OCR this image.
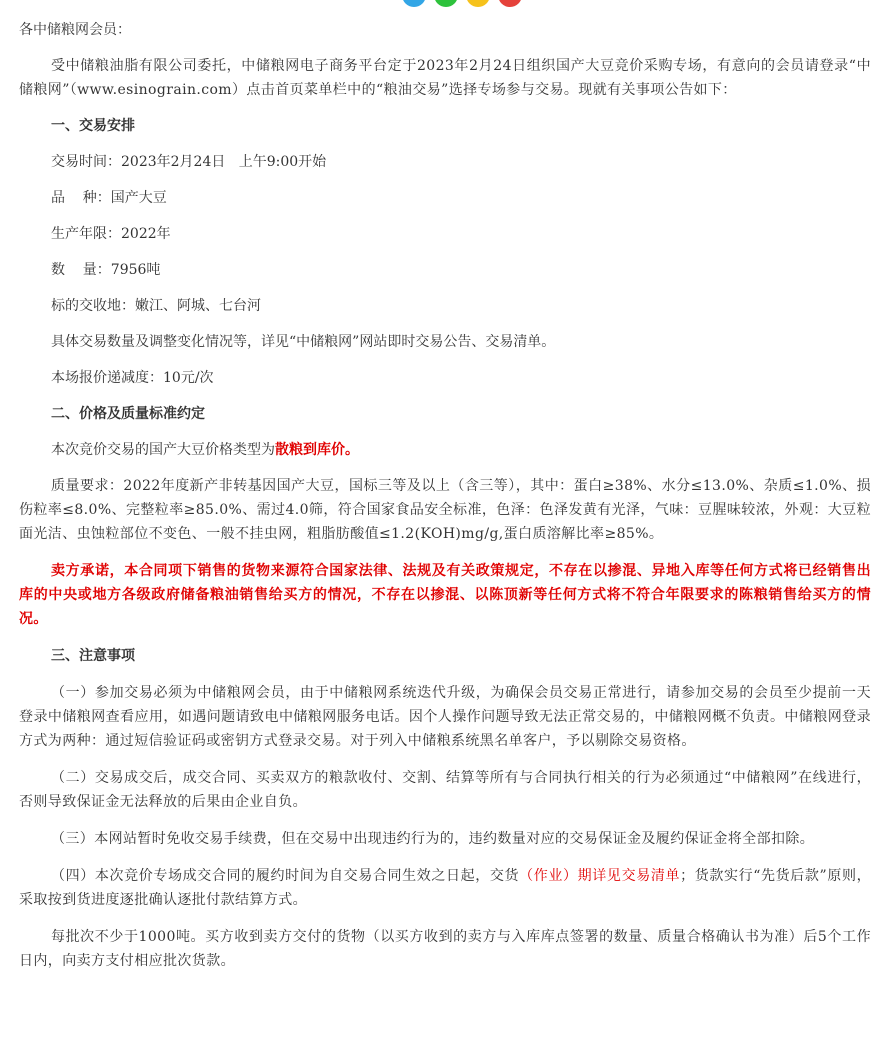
各中储粮网会员：

受中储粮油脂有限公司委托，中储粮网电子商务平台定于2023年2月24日组织国产大豆竞价采购专场，有意向的会员请登录“中储粮网”（www.esinograin.com）点击首页菜单栏中的“粮油交易”选择专场参与交易。现就有关事项公告如下：

一、交易安排
交易时间：2023年2月24日   上午9:00开始
品    种：国产大豆
生产年限：2022年
数    量：7956吨
标的交收地：嫩江、阿城、七台河
具体交易数量及调整变化情况等，详见“中储粮网”网站即时交易公告、交易清单。
本场报价递减度：10元/次
二、价格及质量标准约定
本次竞价交易的国产大豆价格类型为散粮到库价。

质量要求：2022年度新产非转基因国产大豆，国标三等及以上（含三等），其中：蛋白≥38%、水分≤13.0%、杂质≤1.0%、损伤粒率≤8.0%、完整粒率≥85.0%、需过4.0筛，符合国家食品安全标准，色泽：色泽发黄有光泽，气味：豆腥味较浓，外观：大豆粒面光洁、虫蚀粒部位不变色、一般不挂虫网，粗脂肪酸值≤1.2(KOH)mg/g,蛋白质溶解比率≥85%。

卖方承诺，本合同项下销售的货物来源符合国家法律、法规及有关政策规定，不存在以掺混、异地入库等任何方式将已经销售出库的中央或地方各级政府储备粮油销售给买方的情况，不存在以掺混、以陈顶新等任何方式将不符合年限要求的陈粮销售给买方的情况。

三、注意事项

（一）参加交易必须为中储粮网会员，由于中储粮网系统迭代升级，为确保会员交易正常进行，请参加交易的会员至少提前一天登录中储粮网查看应用，如遇问题请致电中储粮网服务电话。因个人操作问题导致无法正常交易的，中储粮网概不负责。中储粮网登录方式为两种：通过短信验证码或密钥方式登录交易。对于列入中储粮系统黑名单客户，予以剔除交易资格。

（二）交易成交后，成交合同、买卖双方的粮款收付、交割、结算等所有与合同执行相关的行为必须通过“中储粮网”在线进行，否则导致保证金无法释放的后果由企业自负。

（三）本网站暂时免收交易手续费，但在交易中出现违约行为的，违约数量对应的交易保证金及履约保证金将全部扣除。

（四）本次竞价专场成交合同的履约时间为自交易合同生效之日起，交货（作业）期详见交易清单；货款实行“先货后款”原则，采取按到货进度逐批确认逐批付款结算方式。

每批次不少于1000吨。买方收到卖方交付的货物（以买方收到的卖方与入库库点签署的数量、质量合格确认书为准）后5个工作日内，向卖方支付相应批次货款。
